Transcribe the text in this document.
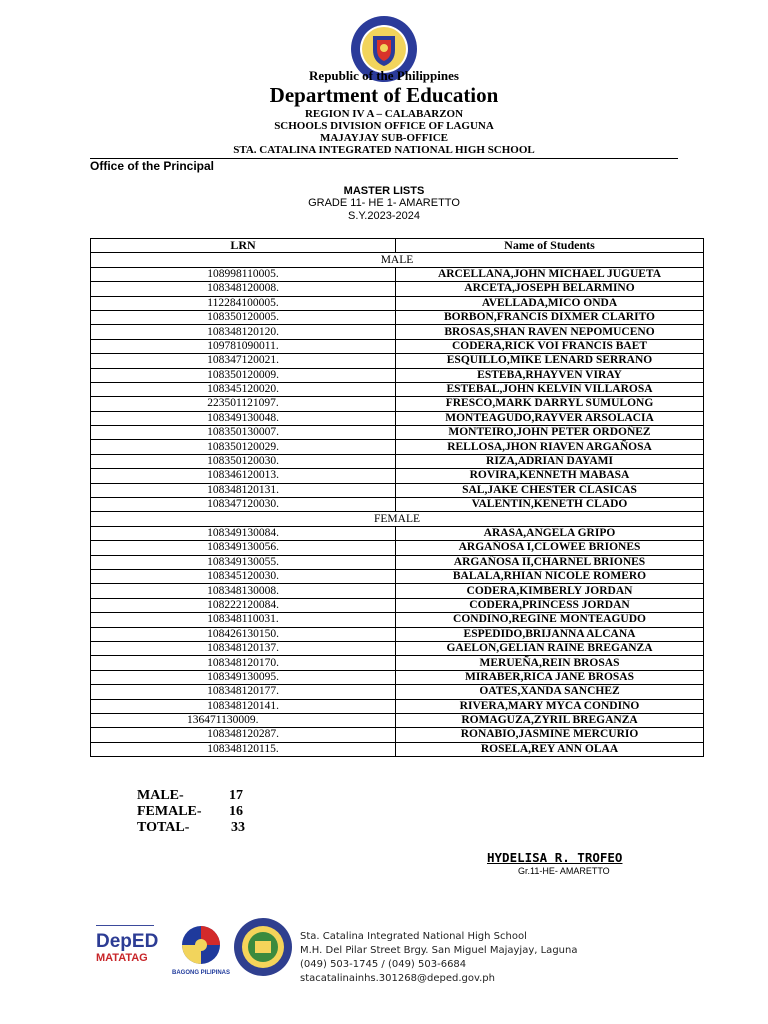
Republic of the Philippines
Department of Education
REGION IV A – CALABARZON
SCHOOLS DIVISION OFFICE OF LAGUNA
MAJAYJAY SUB-OFFICE
STA. CATALINA INTEGRATED NATIONAL HIGH SCHOOL
Office of the Principal
MASTER LISTS
GRADE 11- HE 1- AMARETTO
S.Y.2023-2024
LRN	Name of Students
MALE	
108998110005.	ARCELLANA,JOHN MICHAEL JUGUETA
108348120008.	ARCETA,JOSEPH BELARMINO
112284100005.	AVELLADA,MICO ONDA
108350120005.	BORBON,FRANCIS DIXMER CLARITO
108348120120.	BROSAS,SHAN RAVEN NEPOMUCENO
109781090011.	CODERA,RICK VOI FRANCIS BAET
108347120021.	ESQUILLO,MIKE LENARD SERRANO
108350120009.	ESTEBA,RHAYVEN VIRAY
108345120020.	ESTEBAL,JOHN KELVIN VILLAROSA
223501121097.	FRESCO,MARK DARRYL SUMULONG
108349130048.	MONTEAGUDO,RAYVER ARSOLACIA
108350130007.	MONTEIRO,JOHN PETER ORDOÑEZ
108350120029.	RELLOSA,JHON RIAVEN ARGAÑOSA
108350120030.	RIZA,ADRIAN DAYAMI
108346120013.	ROVIRA,KENNETH MABASA
108348120131.	SAL,JAKE CHESTER CLASICAS
108347120030.	VALENTIN,KENETH CLADO
FEMALE	
108349130084.	ARASA,ANGELA GRIPO
108349130056.	ARGAÑOSA I,CLOWEE BRIONES
108349130055.	ARGAÑOSA II,CHARNEL BRIONES
108345120030.	BALALA,RHIAN NICOLE ROMERO
108348130008.	CODERA,KIMBERLY JORDAN
108222120084.	CODERA,PRINCESS JORDAN
108348110031.	CONDINO,REGINE MONTEAGUDO
108426130150.	ESPEDIDO,BRIJANNA ALCANA
108348120137.	GAELON,GELIAN RAINE BREGANZA
108348120170.	MERUEÑA,REIN BROSAS
108349130095.	MIRABER,RICA JANE BROSAS
108348120177.	OATES,XANDA SANCHEZ
108348120141.	RIVERA,MARY MYCA CONDINO
136471130009.	ROMAGUZA,ZYRIL BREGANZA
108348120287.	RONABIO,JASMINE MERCURIO
108348120115.	ROSELA,REY ANN OLAA
MALE-	17
FEMALE- 16
TOTAL-	33
HYDELISA R. TROFEO
Gr.11-HE- AMARETTO
DepED
MATATAG
BAGONG PILIPINAS
Sta. Catalina Integrated National High School
M.H. Del Pilar Street Brgy. San Miguel Majayjay, Laguna
(049) 503-1745 / (049) 503-6684
stacatalinainhs.301268@deped.gov.ph
